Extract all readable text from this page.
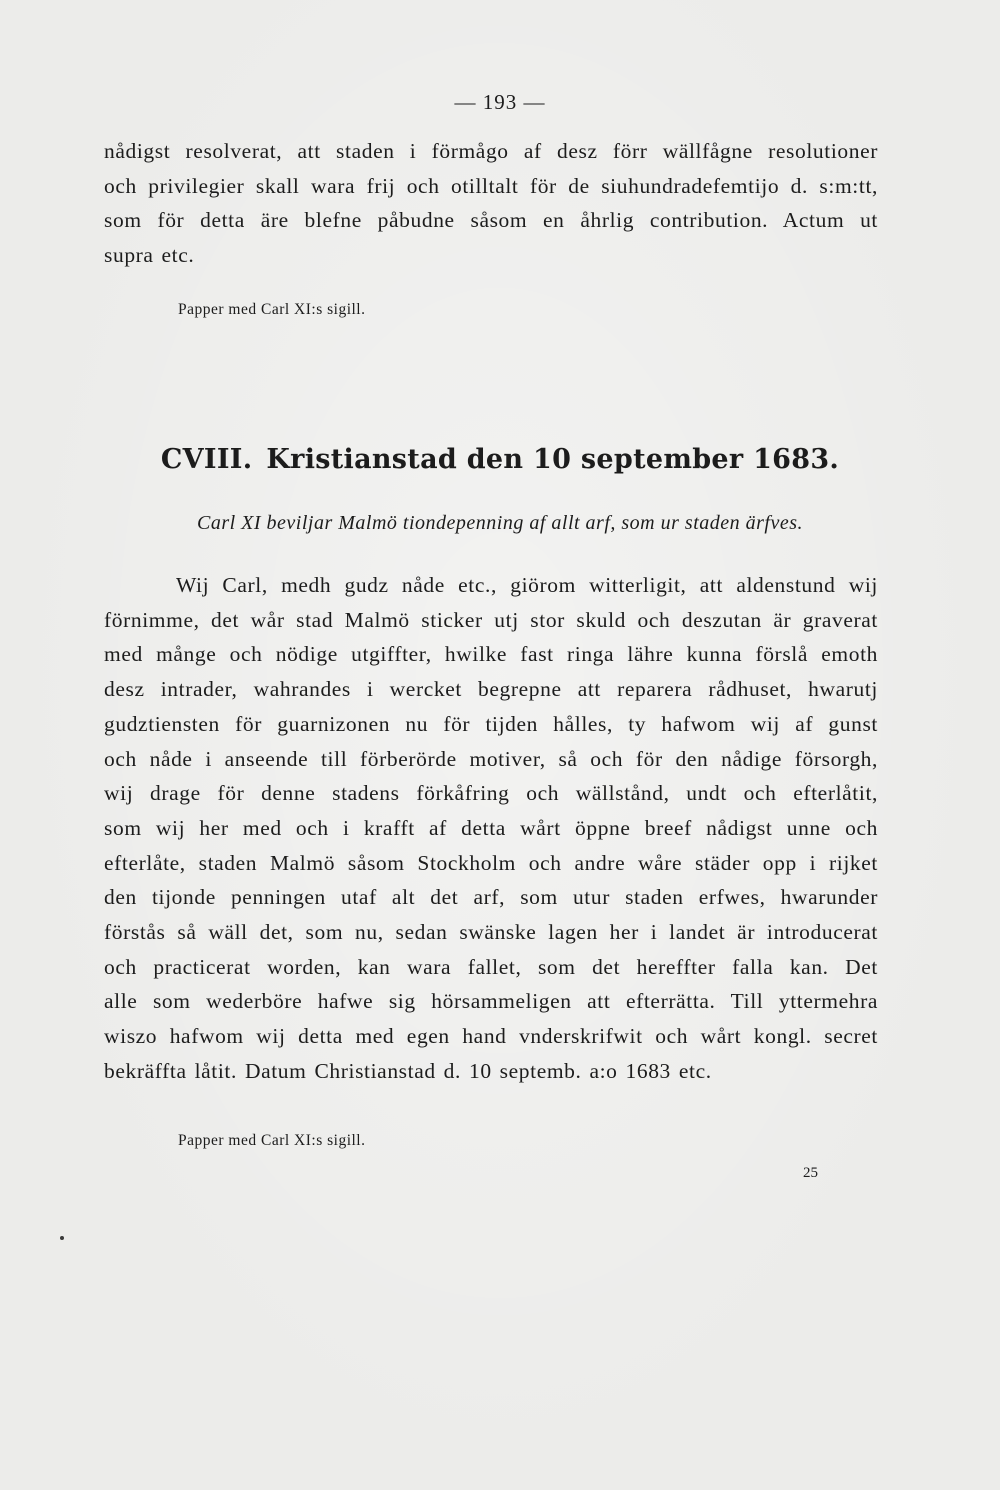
— 193 —
nådigst resolverat, att staden i förmågo af desz förr wällfågne resolutioner
och privilegier skall wara frij och otilltalt för de siuhundradefemtijo d. s:m:tt,
som för detta äre blefne påbudne såsom en åhrlig contribution. Actum ut
supra etc.
Papper med Carl XI:s sigill.
CVIII. Kristianstad den 10 september 1683.
Carl XI beviljar Malmö tiondepenning af allt arf, som ur staden ärfves.
Wij Carl, medh gudz nåde etc., giörom witterligit, att aldenstund wij
förnimme, det wår stad Malmö sticker utj stor skuld och deszutan är graverat
med månge och nödige utgiffter, hwilke fast ringa lähre kunna förslå emoth
desz intrader, wahrandes i wercket begrepne att reparera rådhuset, hwarutj
gudztiensten för guarnizonen nu för tijden hålles, ty hafwom wij af gunst
och nåde i anseende till förberörde motiver, så och för den nådige försorgh,
wij drage för denne stadens förkåfring och wällstånd, undt och efterlåtit,
som wij her med och i krafft af detta wårt öppne breef nådigst unne och
efterlåte, staden Malmö såsom Stockholm och andre wåre städer opp i rijket
den tijonde penningen utaf alt det arf, som utur staden erfwes, hwarunder
förstås så wäll det, som nu, sedan swänske lagen her i landet är introducerat
och practicerat worden, kan wara fallet, som det hereffter falla kan. Det
alle som wederböre hafwe sig hörsammeligen att efterrätta. Till yttermehra
wiszo hafwom wij detta med egen hand vnderskrifwit och wårt kongl. secret
bekräffta låtit. Datum Christianstad d. 10 septemb. a:o 1683 etc.
Papper med Carl XI:s sigill.
25
